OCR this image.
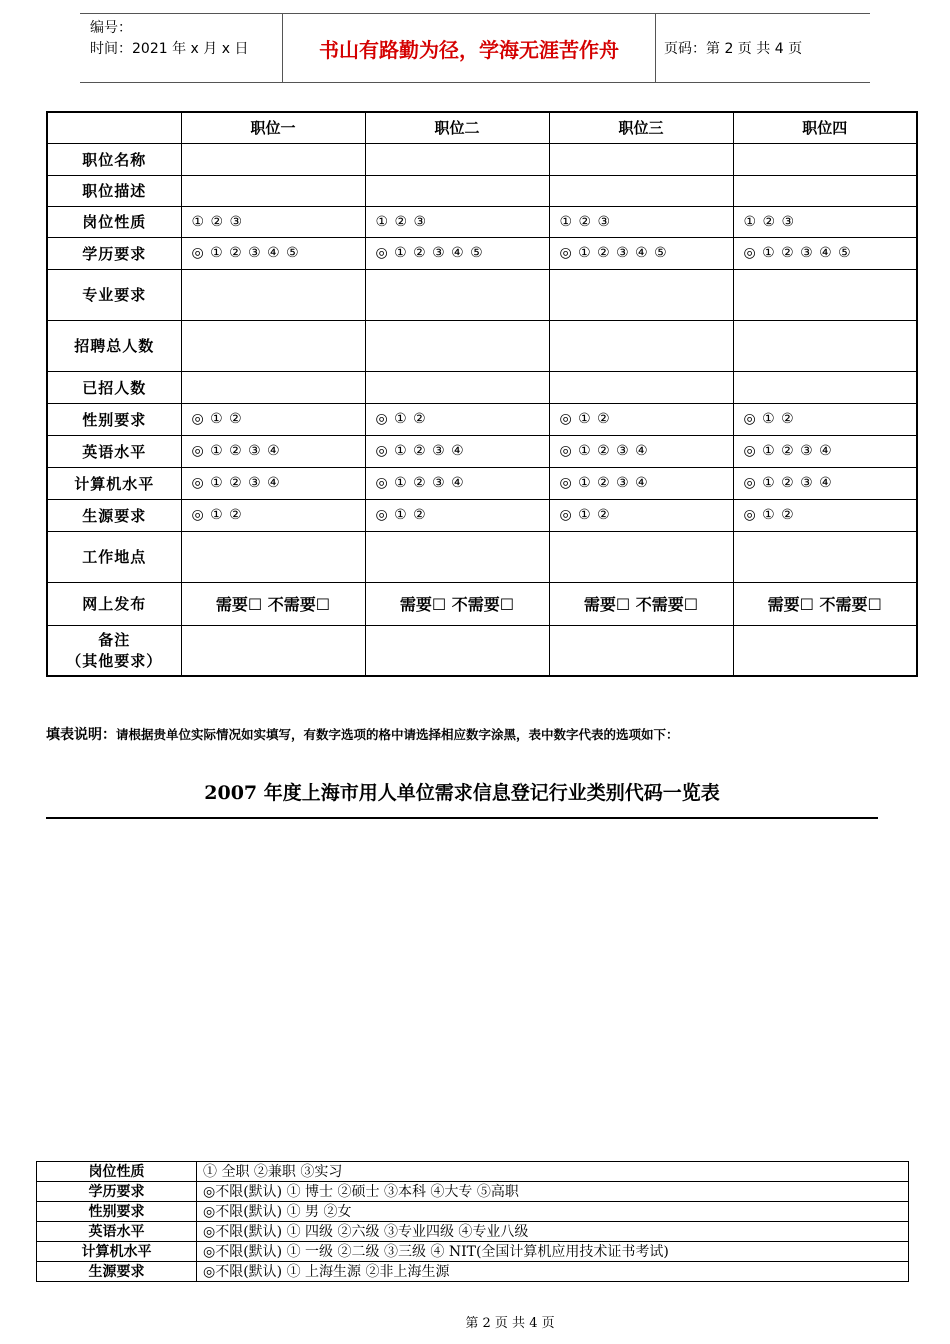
编号：
时间：2021 年 x 月 x 日	书山有路勤为径，学海无涯苦作舟	页码：第 2 页 共 4 页
	职位一	职位二	职位三	职位四
职位名称				
职位描述				
岗位性质	① ② ③	① ② ③	① ② ③	① ② ③
学历要求	◎ ① ② ③ ④ ⑤	◎ ① ② ③ ④ ⑤	◎ ① ② ③ ④ ⑤	◎ ① ② ③ ④ ⑤
专业要求				
招聘总人数				
已招人数				
性别要求	◎ ① ②	◎ ① ②	◎ ① ②	◎ ① ②
英语水平	◎ ① ② ③ ④	◎ ① ② ③ ④	◎ ① ② ③ ④	◎ ① ② ③ ④
计算机水平	◎ ① ② ③ ④	◎ ① ② ③ ④	◎ ① ② ③ ④	◎ ① ② ③ ④
生源要求	◎ ① ②	◎ ① ②	◎ ① ②	◎ ① ②
工作地点				
网上发布	需要☐ 不需要☐	需要☐ 不需要☐	需要☐ 不需要☐	需要☐ 不需要☐

备注
（其他要求）				

填表说明：请根据贵单位实际情况如实填写，有数字选项的格中请选择相应数字涂黑，表中数字代表的选项如下：
2007 年度上海市用人单位需求信息登记行业类别代码一览表
岗位性质	① 全职 ②兼职 ③实习
学历要求	◎不限(默认) ① 博士 ②硕士 ③本科 ④大专 ⑤高职
性别要求	◎不限(默认) ① 男 ②女
英语水平	◎不限(默认) ① 四级 ②六级 ③专业四级 ④专业八级
计算机水平	◎不限(默认) ① 一级 ②二级 ③三级 ④ NIT(全国计算机应用技术证书考试)
生源要求	◎不限(默认) ① 上海生源 ②非上海生源
第 2 页 共 4 页
